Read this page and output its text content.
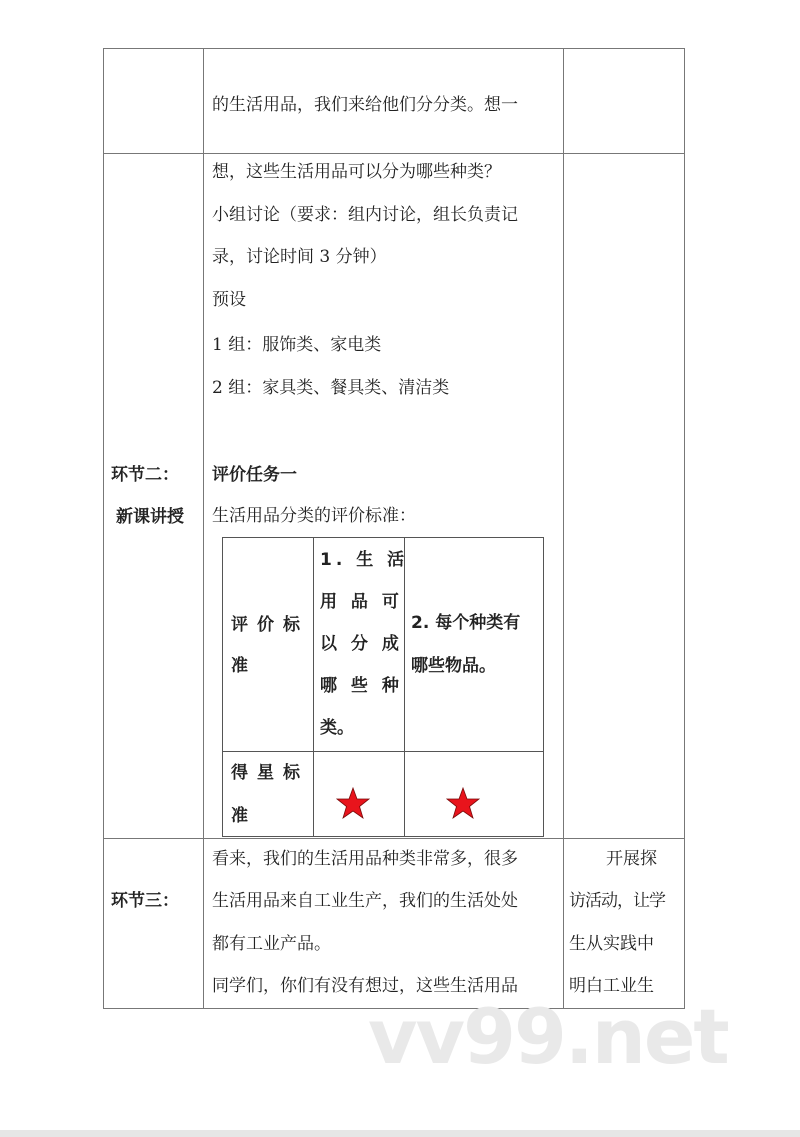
的生活用品，我们来给他们分分类。想一
环节二：
新课讲授
想，这些生活用品可以分为哪些种类？
小组讨论（要求：组内讨论，组长负责记
录，讨论时间 3 分钟）
预设
1 组：服饰类、家电类
2 组：家具类、餐具类、清洁类
评价任务一
生活用品分类的评价标准：
评价标
准
1. 生 活
用 品 可
以 分 成
哪 些 种
类。
2. 每个种类有
哪些物品。
得星标
准
环节三：
看来，我们的生活用品种类非常多，很多
生活用品来自工业生产，我们的生活处处
都有工业产品。
同学们，你们有没有想过，这些生活用品
开展探
访活动，让学
生从实践中
明白工业生
vv99.net
